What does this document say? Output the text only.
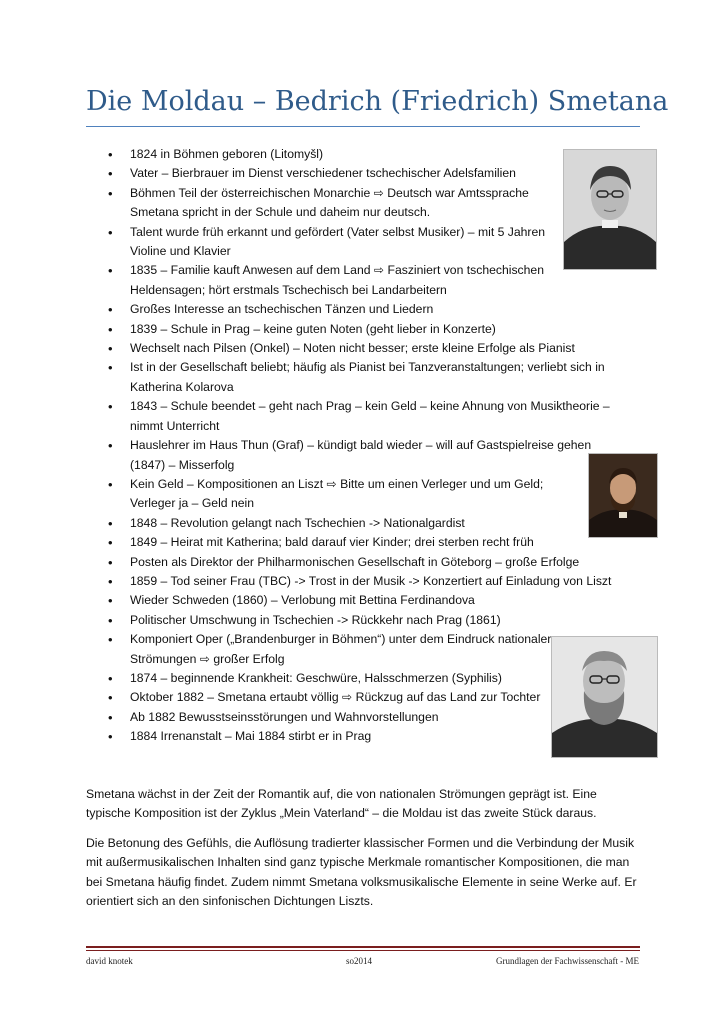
Die Moldau – Bedrich (Friedrich) Smetana
• 1824 in Böhmen geboren (Litomyšl)
• Vater – Bierbrauer im Dienst verschiedener tschechischer Adelsfamilien
• Böhmen Teil der österreichischen Monarchie ⇨ Deutsch war Amtssprache Smetana spricht in der Schule und daheim nur deutsch.
• Talent wurde früh erkannt und gefördert (Vater selbst Musiker) – mit 5 Jahren Violine und Klavier
• 1835 – Familie kauft Anwesen auf dem Land ⇨ Fasziniert von tschechischen Heldensagen; hört erstmals Tschechisch bei Landarbeitern
• Großes Interesse an tschechischen Tänzen und Liedern
• 1839 – Schule in Prag – keine guten Noten (geht lieber in Konzerte)
• Wechselt nach Pilsen (Onkel) – Noten nicht besser; erste kleine Erfolge als Pianist
• Ist in der Gesellschaft beliebt; häufig als Pianist bei Tanzveranstaltungen; verliebt sich in Katherina Kolarova
• 1843 – Schule beendet – geht nach Prag – kein Geld – keine Ahnung von Musiktheorie – nimmt Unterricht
• Hauslehrer im Haus Thun (Graf) – kündigt bald wieder – will auf Gastspielreise gehen (1847) – Misserfolg
• Kein Geld – Kompositionen an Liszt ⇨ Bitte um einen Verleger und um Geld; Verleger ja – Geld nein
• 1848 – Revolution gelangt nach Tschechien -> Nationalgardist
• 1849 – Heirat mit Katherina; bald darauf vier Kinder; drei sterben recht früh
• Posten als Direktor der Philharmonischen Gesellschaft in Göteborg – große Erfolge
• 1859 – Tod seiner Frau (TBC) -> Trost in der Musik -> Konzertiert auf Einladung von Liszt
• Wieder Schweden (1860) – Verlobung mit Bettina Ferdinandova
• Politischer Umschwung in Tschechien -> Rückkehr nach Prag (1861)
• Komponiert Oper („Brandenburger in Böhmen“) unter dem Eindruck nationaler Strömungen ⇨ großer Erfolg
• 1874 – beginnende Krankheit: Geschwüre, Halsschmerzen (Syphilis)
• Oktober 1882 – Smetana ertaubt völlig ⇨ Rückzug auf das Land zur Tochter
• Ab 1882 Bewusstseinsstörungen und Wahnvorstellungen
• 1884 Irrenanstalt – Mai 1884 stirbt er in Prag

Smetana wächst in der Zeit der Romantik auf, die von nationalen Strömungen geprägt ist. Eine typische Komposition ist der Zyklus „Mein Vaterland“ – die Moldau ist das zweite Stück daraus.

Die Betonung des Gefühls, die Auflösung tradierter klassischer Formen und die Verbindung der Musik mit außermusikalischen Inhalten sind ganz typische Merkmale romantischer Kompositionen, die man bei Smetana häufig findet. Zudem nimmt Smetana volksmusikalische Elemente in seine Werke auf. Er orientiert sich an den sinfonischen Dichtungen Liszts.

david knotek	so2014	Grundlagen der Fachwissenschaft - ME
